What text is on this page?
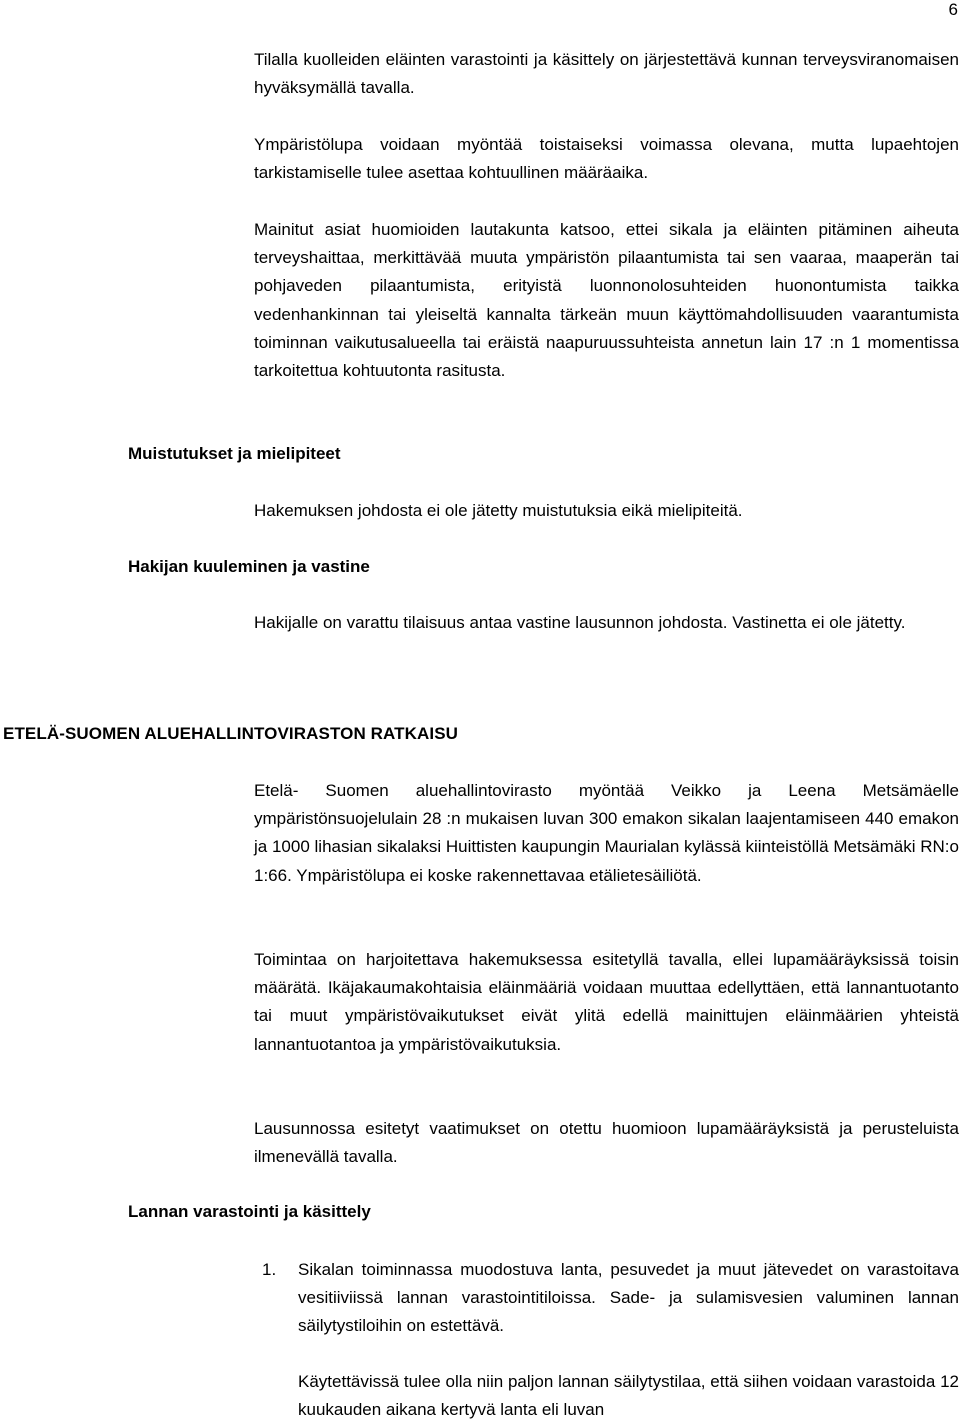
6

Tilalla kuolleiden eläinten varastointi ja käsittely on järjestettävä kunnan terveysviranomaisen hyväksymällä tavalla.

Ympäristölupa voidaan myöntää toistaiseksi voimassa olevana, mutta lupaehtojen tarkistamiselle tulee asettaa kohtuullinen määräaika.

Mainitut asiat huomioiden lautakunta katsoo, ettei sikala ja eläinten pitäminen aiheuta terveyshaittaa, merkittävää muuta ympäristön pilaantumista tai sen vaaraa, maaperän tai pohjaveden pilaantumista, erityistä luonnonolosuhteiden huonontumista taikka vedenhankinnan tai yleiseltä kannalta tärkeän muun käyttömahdollisuuden vaarantumista toiminnan vaikutusalueella tai eräistä naapuruussuhteista annetun lain 17 :n 1 momentissa tarkoitettua kohtuutonta rasitusta.

Muistutukset ja mielipiteet

Hakemuksen johdosta ei ole jätetty muistutuksia eikä mielipiteitä.

Hakijan kuuleminen ja vastine

Hakijalle on varattu tilaisuus antaa vastine lausunnon johdosta. Vastinetta ei ole jätetty.

ETELÄ-SUOMEN ALUEHALLINTOVIRASTON RATKAISU

Etelä- Suomen aluehallintovirasto myöntää Veikko ja Leena Metsämäelle ympäristönsuojelulain 28 :n mukaisen luvan 300 emakon sikalan laajentamiseen 440 emakon ja 1000 lihasian sikalaksi Huittisten kaupungin Maurialan kylässä kiinteistöllä Metsämäki RN:o 1:66. Ympäristölupa ei koske rakennettavaa etälietesäiliötä.

Toimintaa on harjoitettava hakemuksessa esitetyllä tavalla, ellei lupamääräyksissä toisin määrätä. Ikäjakaumakohtaisia eläinmääriä voidaan muuttaa edellyttäen, että lannantuotanto tai muut ympäristövaikutukset eivät ylitä edellä mainittujen eläinmäärien yhteistä lannantuotantoa ja ympäristövaikutuksia.

Lausunnossa esitetyt vaatimukset on otettu huomioon lupamääräyksistä ja perusteluista ilmenevällä tavalla.

Lannan varastointi ja käsittely
1. Sikalan toiminnassa muodostuva lanta, pesuvedet ja muut jätevedet on varastoitava vesitiiviissä lannan varastointitiloissa. Sade- ja sulamisvesien valuminen lannan säilytystiloihin on estettävä.

Käytettävissä tulee olla niin paljon lannan säilytystilaa, että siihen voidaan varastoida 12 kuukauden aikana kertyvä lanta eli luvan
